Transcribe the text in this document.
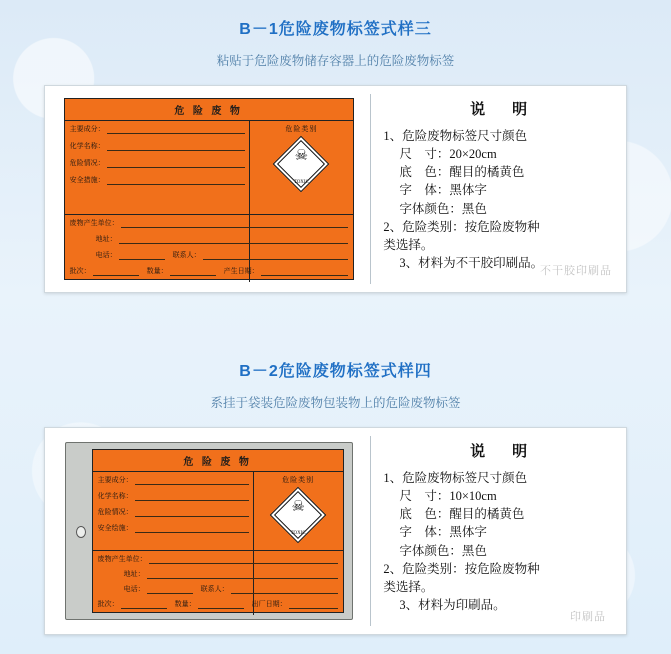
B－1危险废物标签式样三
粘贴于危险废物储存容器上的危险废物标签
危 险 废 物
主要成分：
化学名称：
危险情况：
安全措施：
危险类别
☠
TOXIC
废物产生单位：
地址：
电话：	联系人：
批次：	数量：	产生日期：
说　明
1、危险废物标签尺寸颜色
尺　寸：20×20cm
底　色：醒目的橘黄色
字　体：黑体字
字体颜色：黑色
2、危险类别：按危险废物种
类选择。
3、材料为不干胶印刷品。
不干胶印刷品
B－2危险废物标签式样四
系挂于袋装危险废物包装物上的危险废物标签
危 险 废 物
主要成分：
化学名称：
危险情况：
安全绘施：
危险类别
☠
TOXIC
废物产生单位：
地址：
电话：	联系人：
批次：	数量：	出厂日期：
说　明
1、危险废物标签尺寸颜色
尺　寸：10×10cm
底　色：醒目的橘黄色
字　体：黑体字
字体颜色：黑色
2、危险类别：按危险废物种
类选择。
3、材料为印刷品。
印刷品
